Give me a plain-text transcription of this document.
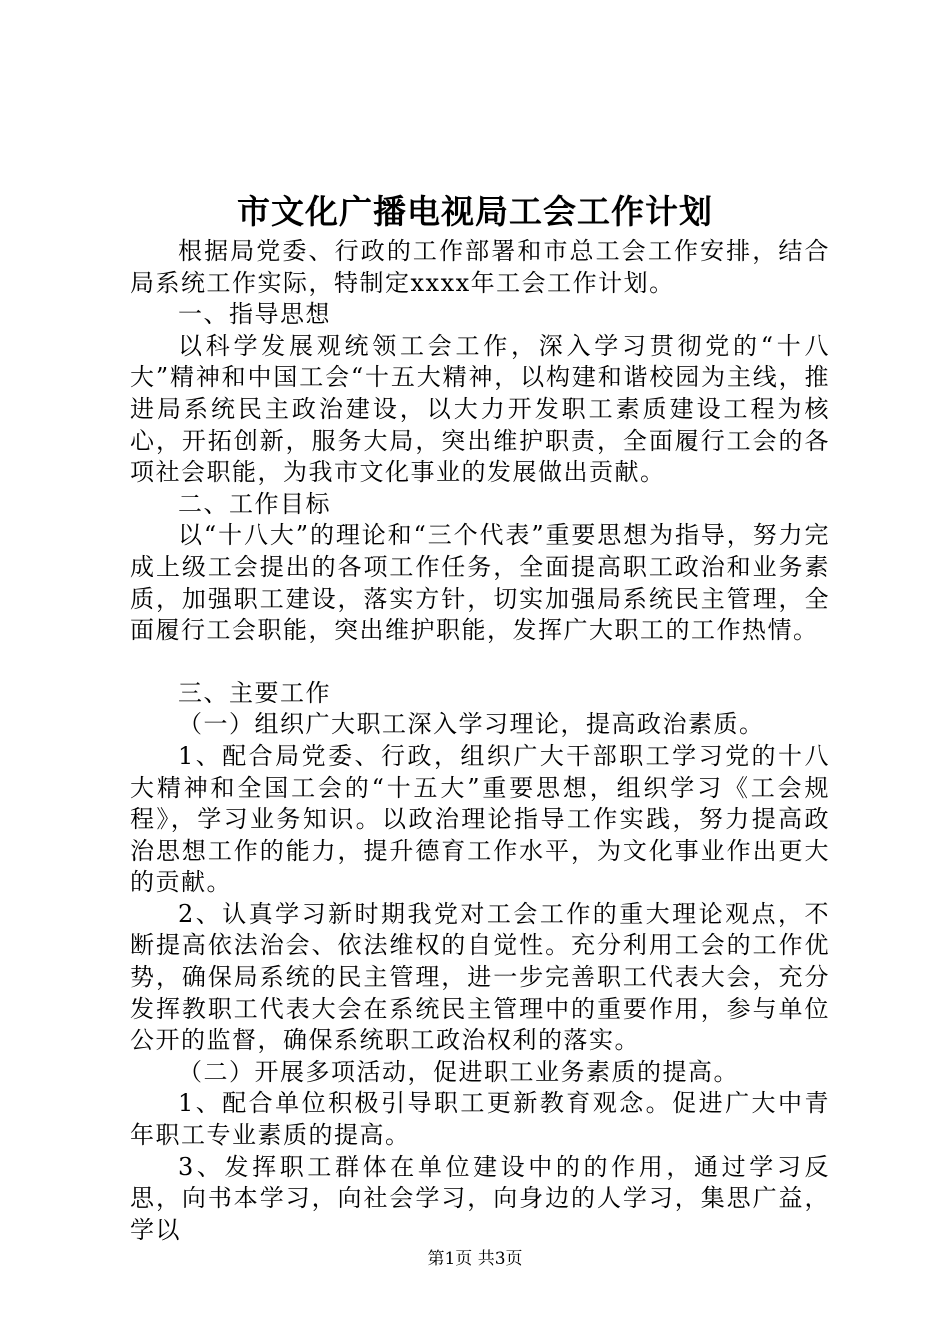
市文化广播电视局工会工作计划

根据局党委、行政的工作部署和市总工会工作安排，结合局系统工作实际，特制定xxxx年工会工作计划。

一、指导思想

以科学发展观统领工会工作，深入学习贯彻党的“十八大”精神和中国工会“十五大精神，以构建和谐校园为主线，推进局系统民主政治建设，以大力开发职工素质建设工程为核心，开拓创新，服务大局，突出维护职责，全面履行工会的各项社会职能，为我市文化事业的发展做出贡献。

二、工作目标

以“十八大”的理论和“三个代表”重要思想为指导，努力完成上级工会提出的各项工作任务，全面提高职工政治和业务素质，加强职工建设，落实方针，切实加强局系统民主管理，全面履行工会职能，突出维护职能，发挥广大职工的工作热情。

三、主要工作

（一）组织广大职工深入学习理论，提高政治素质。

1、配合局党委、行政，组织广大干部职工学习党的十八大精神和全国工会的“十五大”重要思想，组织学习《工会规程》，学习业务知识。以政治理论指导工作实践，努力提高政治思想工作的能力，提升德育工作水平，为文化事业作出更大的贡献。

2、认真学习新时期我党对工会工作的重大理论观点，不断提高依法治会、依法维权的自觉性。充分利用工会的工作优势，确保局系统的民主管理，进一步完善职工代表大会，充分发挥教职工代表大会在系统民主管理中的重要作用，参与单位公开的监督，确保系统职工政治权利的落实。

（二）开展多项活动，促进职工业务素质的提高。

1、配合单位积极引导职工更新教育观念。促进广大中青年职工专业素质的提高。

3、发挥职工群体在单位建设中的的作用，通过学习反思，向书本学习，向社会学习，向身边的人学习，集思广益，学以

第1页 共3页
